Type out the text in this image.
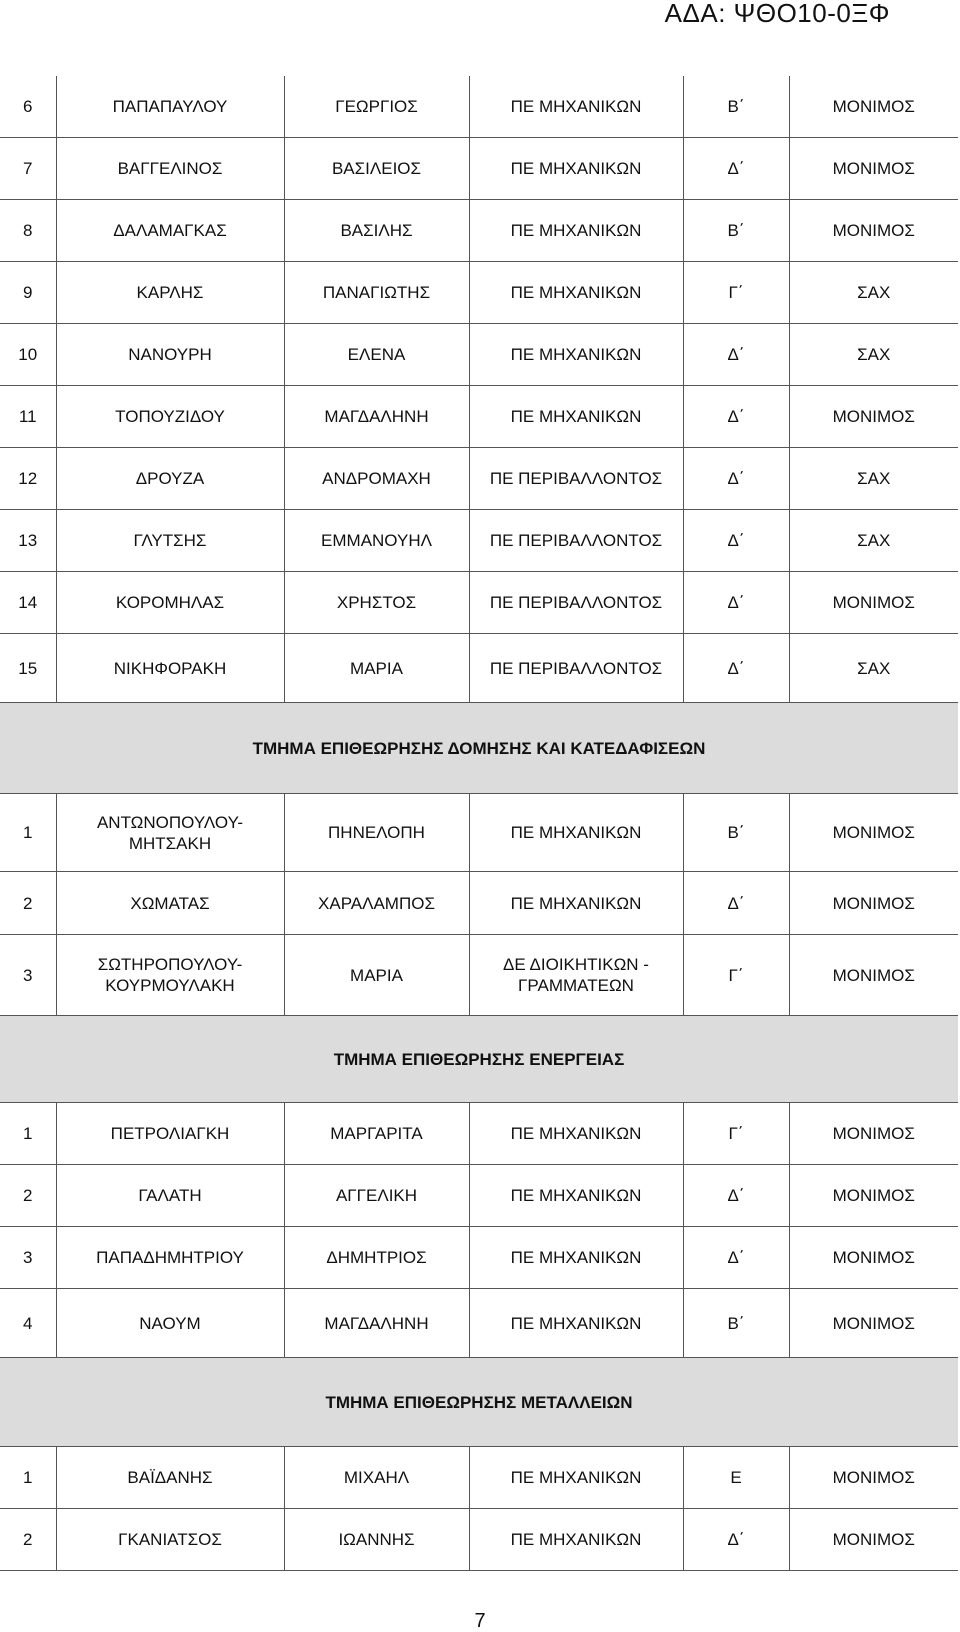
ΑΔΑ: ΨΘΟ10-0ΞΦ
6	ΠΑΠΑΠΑΥΛΟΥ	ΓΕΩΡΓΙΟΣ	ΠΕ ΜΗΧΑΝΙΚΩΝ	Β΄	ΜΟΝΙΜΟΣ
7	ΒΑΓΓΕΛΙΝΟΣ	ΒΑΣΙΛΕΙΟΣ	ΠΕ ΜΗΧΑΝΙΚΩΝ	Δ΄	ΜΟΝΙΜΟΣ
8	ΔΑΛΑΜΑΓΚΑΣ	ΒΑΣΙΛΗΣ	ΠΕ ΜΗΧΑΝΙΚΩΝ	Β΄	ΜΟΝΙΜΟΣ
9	ΚΑΡΛΗΣ	ΠΑΝΑΓΙΩΤΗΣ	ΠΕ ΜΗΧΑΝΙΚΩΝ	Γ΄	ΣΑΧ
10	ΝΑΝΟΥΡΗ	ΕΛΕΝΑ	ΠΕ ΜΗΧΑΝΙΚΩΝ	Δ΄	ΣΑΧ
11	ΤΟΠΟΥΖΙΔΟΥ	ΜΑΓΔΑΛΗΝΗ	ΠΕ ΜΗΧΑΝΙΚΩΝ	Δ΄	ΜΟΝΙΜΟΣ
12	ΔΡΟΥΖΑ	ΑΝΔΡΟΜΑΧΗ	ΠΕ ΠΕΡΙΒΑΛΛΟΝΤΟΣ	Δ΄	ΣΑΧ
13	ΓΛΥΤΣΗΣ	ΕΜΜΑΝΟΥΗΛ	ΠΕ ΠΕΡΙΒΑΛΛΟΝΤΟΣ	Δ΄	ΣΑΧ
14	ΚΟΡΟΜΗΛΑΣ	ΧΡΗΣΤΟΣ	ΠΕ ΠΕΡΙΒΑΛΛΟΝΤΟΣ	Δ΄	ΜΟΝΙΜΟΣ
15	ΝΙΚΗΦΟΡΑΚΗ	ΜΑΡΙΑ	ΠΕ ΠΕΡΙΒΑΛΛΟΝΤΟΣ	Δ΄	ΣΑΧ
ΤΜΗΜΑ ΕΠΙΘΕΩΡΗΣΗΣ ΔΟΜΗΣΗΣ ΚΑΙ ΚΑΤΕΔΑΦΙΣΕΩΝ					
1	ΑΝΤΩΝΟΠΟΥΛΟΥ-ΜΗΤΣΑΚΗ	ΠΗΝΕΛΟΠΗ	ΠΕ ΜΗΧΑΝΙΚΩΝ	Β΄	ΜΟΝΙΜΟΣ
2	ΧΩΜΑΤΑΣ	ΧΑΡΑΛΑΜΠΟΣ	ΠΕ ΜΗΧΑΝΙΚΩΝ	Δ΄	ΜΟΝΙΜΟΣ
3	ΣΩΤΗΡΟΠΟΥΛΟΥ-ΚΟΥΡΜΟΥΛΑΚΗ	ΜΑΡΙΑ	ΔΕ ΔΙΟΙΚΗΤΙΚΩΝ - ΓΡΑΜΜΑΤΕΩΝ	Γ΄	ΜΟΝΙΜΟΣ
ΤΜΗΜΑ ΕΠΙΘΕΩΡΗΣΗΣ ΕΝΕΡΓΕΙΑΣ					
1	ΠΕΤΡΟΛΙΑΓΚΗ	ΜΑΡΓΑΡΙΤΑ	ΠΕ ΜΗΧΑΝΙΚΩΝ	Γ΄	ΜΟΝΙΜΟΣ
2	ΓΑΛΑΤΗ	ΑΓΓΕΛΙΚΗ	ΠΕ ΜΗΧΑΝΙΚΩΝ	Δ΄	ΜΟΝΙΜΟΣ
3	ΠΑΠΑΔΗΜΗΤΡΙΟΥ	ΔΗΜΗΤΡΙΟΣ	ΠΕ ΜΗΧΑΝΙΚΩΝ	Δ΄	ΜΟΝΙΜΟΣ
4	ΝΑΟΥΜ	ΜΑΓΔΑΛΗΝΗ	ΠΕ ΜΗΧΑΝΙΚΩΝ	Β΄	ΜΟΝΙΜΟΣ
ΤΜΗΜΑ ΕΠΙΘΕΩΡΗΣΗΣ ΜΕΤΑΛΛΕΙΩΝ					
1	ΒΑΪΔΑΝΗΣ	ΜΙΧΑΗΛ	ΠΕ ΜΗΧΑΝΙΚΩΝ	Ε	ΜΟΝΙΜΟΣ
2	ΓΚΑΝΙΑΤΣΟΣ	ΙΩΑΝΝΗΣ	ΠΕ ΜΗΧΑΝΙΚΩΝ	Δ΄	ΜΟΝΙΜΟΣ
7
